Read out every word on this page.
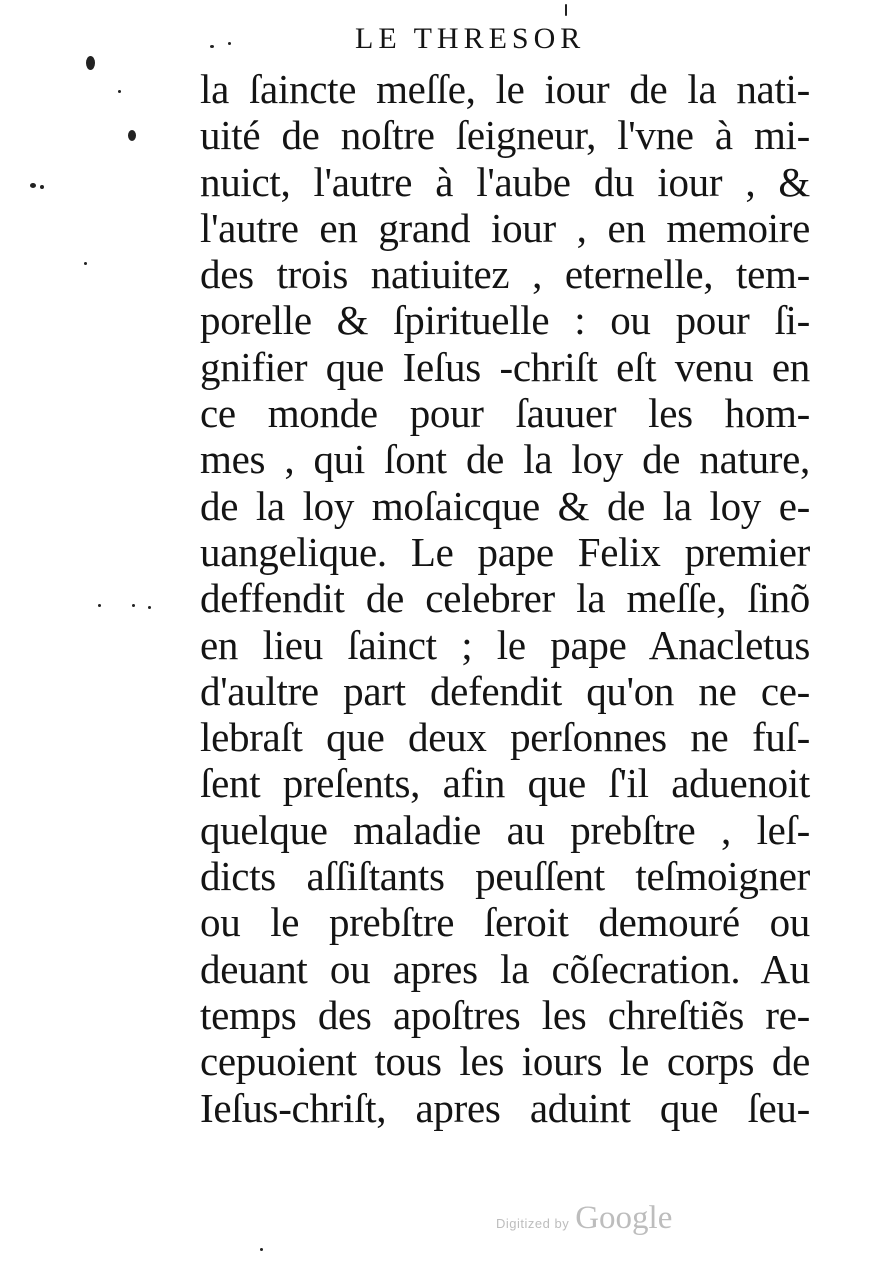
LE THRESOR
la ſaincte meſſe, le iour de la nati-
uité de noſtre ſeigneur, l'vne à mi-
nuict, l'autre à l'aube du iour , &
l'autre en grand iour , en memoire
des trois natiuitez , eternelle, tem-
porelle & ſpirituelle : ou pour ſi-
gnifier que Ieſus -chriſt eſt venu en
ce monde pour ſauuer les hom-
mes , qui ſont de la loy de nature,
de la loy moſaicque & de la loy e-
uangelique. Le pape Felix premier
deffendit de celebrer la meſſe, ſinõ
en lieu ſainct ; le pape Anacletus
d'aultre part defendit qu'on ne ce-
lebraſt que deux perſonnes ne fuſ-
ſent preſents, afin que ſ'il aduenoit
quelque maladie au prebſtre , leſ-
dicts aſſiſtants peuſſent teſmoigner
ou le prebſtre ſeroit demouré ou
deuant ou apres la cõſecration. Au
temps des apoſtres les chreſtiẽs re-
cepuoient tous les iours le corps de
Ieſus-chriſt, apres aduint que ſeu-
Digitized by Google
